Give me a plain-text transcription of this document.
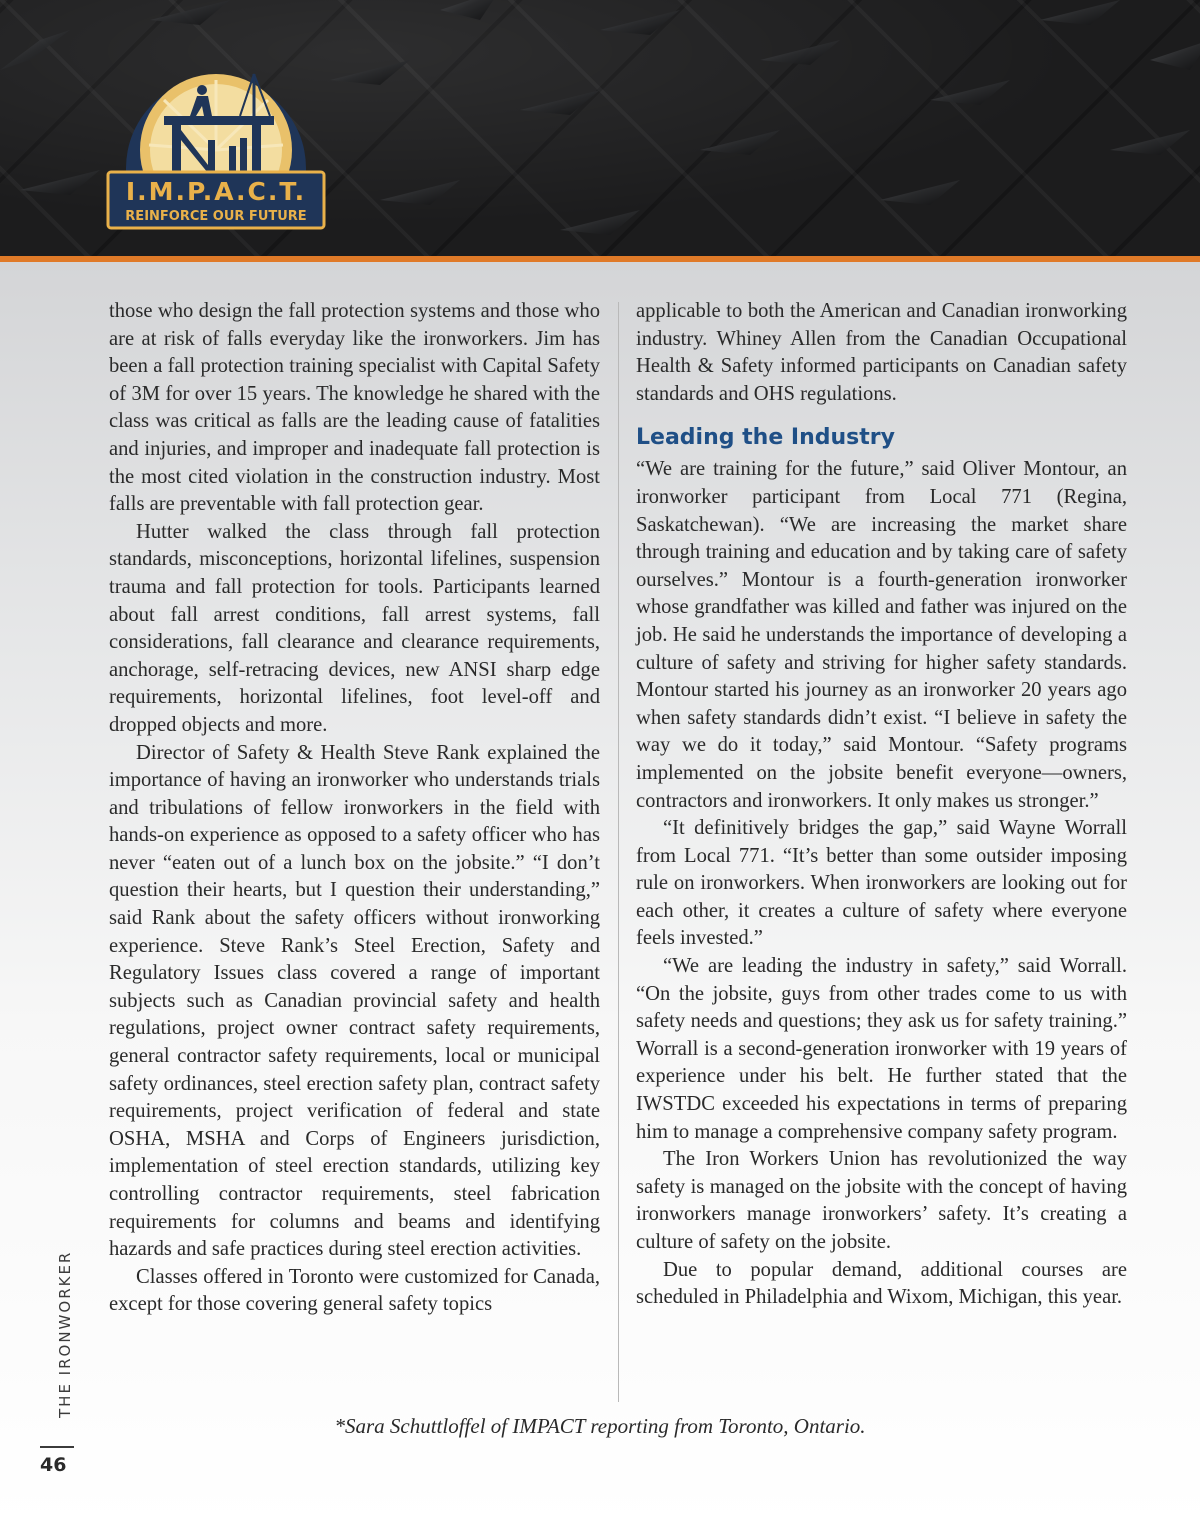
I.M.P.A.C.T.
REINFORCE OUR FUTURE

those who design the fall protection systems and those who are at risk of falls everyday like the ironworkers. Jim has been a fall protection training specialist with Capital Safety of 3M for over 15 years. The knowledge he shared with the class was critical as falls are the leading cause of fatalities and injuries, and improper and inadequate fall protection is the most cited violation in the construction industry. Most falls are preventable with fall protection gear.

Hutter walked the class through fall protection standards, misconceptions, horizontal lifelines, suspension trauma and fall protection for tools. Participants learned about fall arrest conditions, fall arrest systems, fall considerations, fall clearance and clearance requirements, anchorage, self-retracing devices, new ANSI sharp edge requirements, horizontal lifelines, foot level-off and dropped objects and more.

Director of Safety & Health Steve Rank explained the importance of having an ironworker who understands trials and tribulations of fellow ironworkers in the field with hands-on experience as opposed to a safety officer who has never “eaten out of a lunch box on the jobsite.” “I don’t question their hearts, but I question their understanding,” said Rank about the safety officers without ironworking experience. Steve Rank’s Steel Erection, Safety and Regulatory Issues class covered a range of important subjects such as Canadian provincial safety and health regulations, project owner contract safety requirements, general contractor safety requirements, local or municipal safety ordinances, steel erection safety plan, contract safety requirements, project verification of federal and state OSHA, MSHA and Corps of Engineers jurisdiction, implementation of steel erection standards, utilizing key controlling contractor requirements, steel fabrication requirements for columns and beams and identifying hazards and safe practices during steel erection activities.

Classes offered in Toronto were customized for Canada, except for those covering general safety topics

applicable to both the American and Canadian ironworking industry. Whiney Allen from the Canadian Occupational Health & Safety informed participants on Canadian safety standards and OHS regulations.

Leading the Industry

“We are training for the future,” said Oliver Montour, an ironworker participant from Local 771 (Regina, Saskatchewan). “We are increasing the market share through training and education and by taking care of safety ourselves.” Montour is a fourth-generation ironworker whose grandfather was killed and father was injured on the job. He said he understands the importance of developing a culture of safety and striving for higher safety standards. Montour started his journey as an ironworker 20 years ago when safety standards didn’t exist. “I believe in safety the way we do it today,” said Montour. “Safety programs implemented on the jobsite benefit everyone—owners, contractors and ironworkers. It only makes us stronger.”

“It definitively bridges the gap,” said Wayne Worrall from Local 771. “It’s better than some outsider imposing rule on ironworkers. When ironworkers are looking out for each other, it creates a culture of safety where everyone feels invested.”

“We are leading the industry in safety,” said Worrall. “On the jobsite, guys from other trades come to us with safety needs and questions; they ask us for safety training.” Worrall is a second-generation ironworker with 19 years of experience under his belt. He further stated that the IWSTDC exceeded his expectations in terms of preparing him to manage a comprehensive company safety program.

The Iron Workers Union has revolutionized the way safety is managed on the jobsite with the concept of having ironworkers manage ironworkers’ safety. It’s creating a culture of safety on the jobsite.

Due to popular demand, additional courses are scheduled in Philadelphia and Wixom, Michigan, this year.

*Sara Schuttloffel of IMPACT reporting from Toronto, Ontario.
THE IRONWORKER
46
